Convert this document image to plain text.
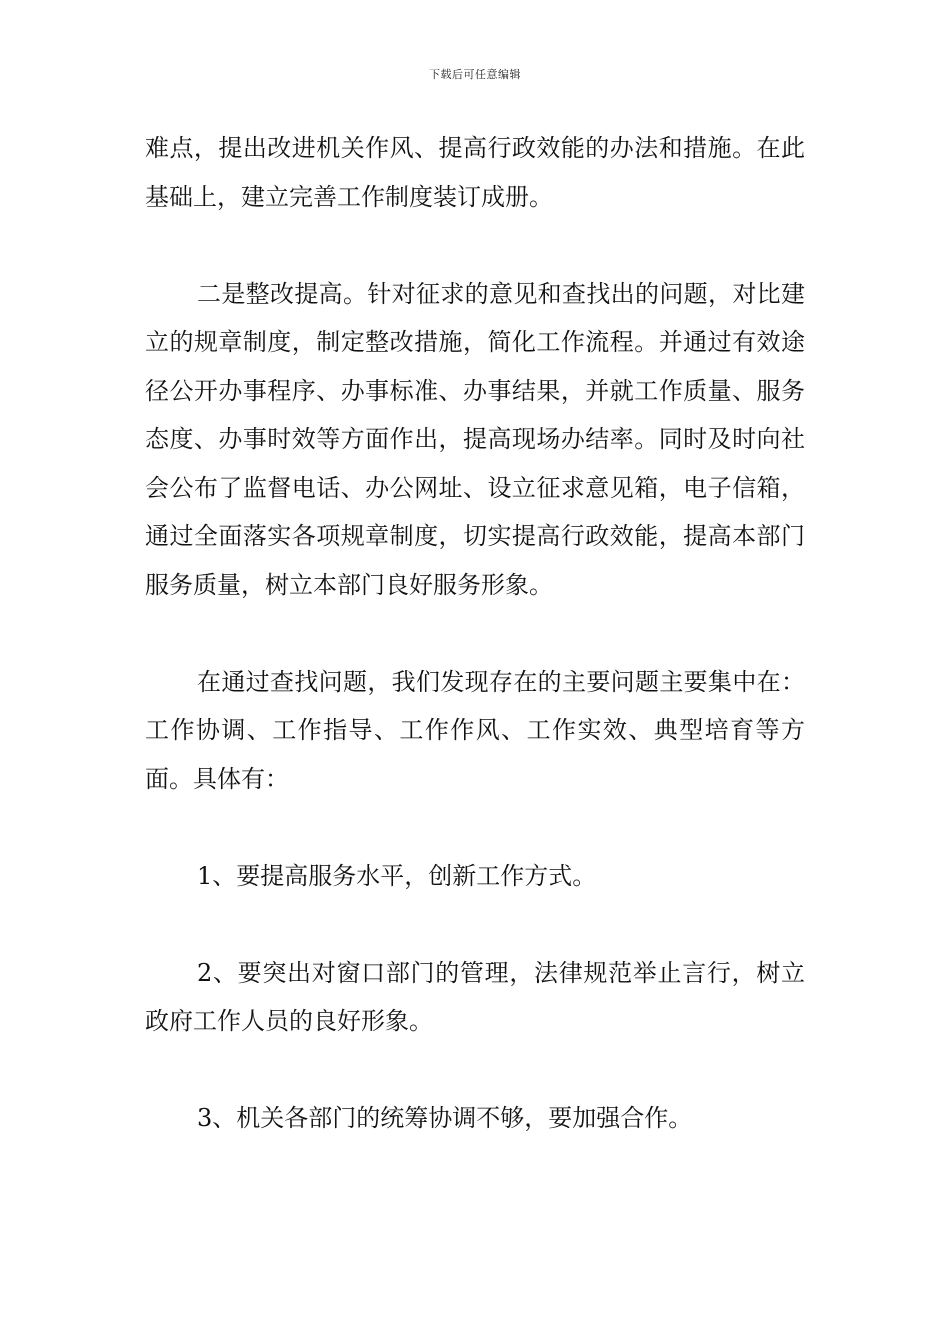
下载后可任意编辑

难点，提出改进机关作风、提高行政效能的办法和措施。在此基础上，建立完善工作制度装订成册。

二是整改提高。针对征求的意见和查找出的问题，对比建立的规章制度，制定整改措施，简化工作流程。并通过有效途径公开办事程序、办事标准、办事结果，并就工作质量、服务态度、办事时效等方面作出，提高现场办结率。同时及时向社会公布了监督电话、办公网址、设立征求意见箱，电子信箱，通过全面落实各项规章制度，切实提高行政效能，提高本部门服务质量，树立本部门良好服务形象。

在通过查找问题，我们发现存在的主要问题主要集中在：工作协调、工作指导、工作作风、工作实效、典型培育等方面。具体有：

1、要提高服务水平，创新工作方式。

2、要突出对窗口部门的管理，法律规范举止言行，树立政府工作人员的良好形象。

3、机关各部门的统筹协调不够，要加强合作。
